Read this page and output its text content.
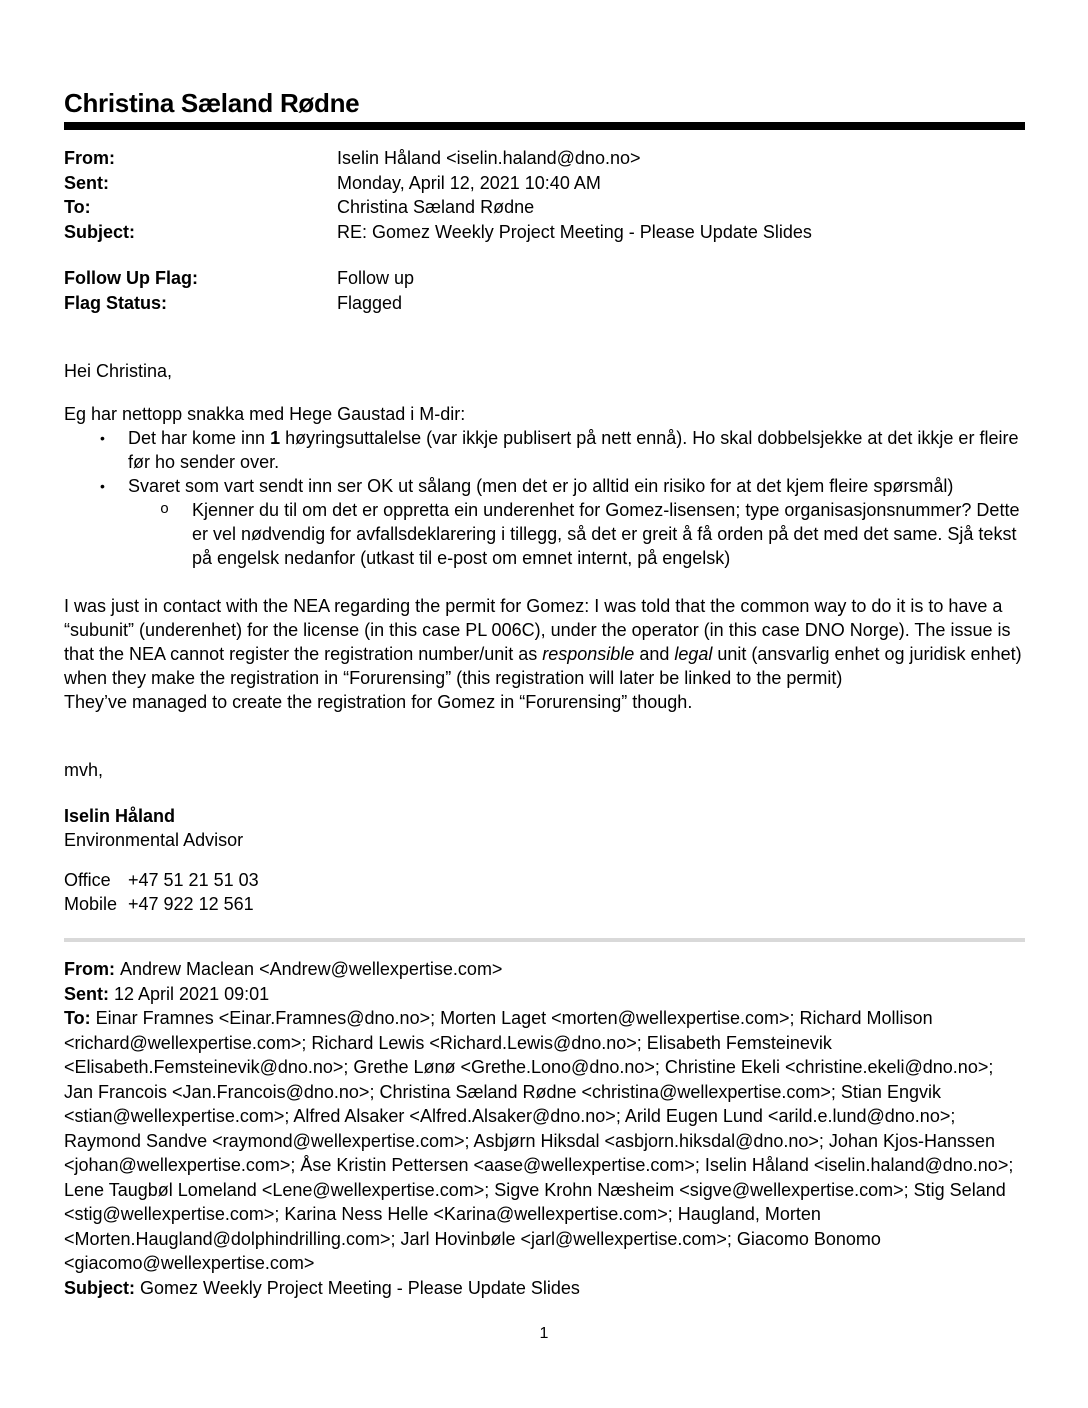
Christina Sæland Rødne
From:	Iselin Håland <iselin.haland@dno.no>
Sent:	Monday, April 12, 2021 10:40 AM
To:	Christina Sæland Rødne
Subject:	RE: Gomez Weekly Project Meeting - Please Update Slides
Follow Up Flag:	Follow up
Flag Status:	Flagged

Hei Christina,

Eg har nettopp snakka med Hege Gaustad i M-dir:

•	Det har kome inn 1 høyringsuttalelse (var ikkje publisert på nett ennå). Ho skal dobbelsjekke at det ikkje er fleire før ho sender over.
•	Svaret som vart sendt inn ser OK ut sålang (men det er jo alltid ein risiko for at det kjem fleire spørsmål)
o	Kjenner du til om det er oppretta ein underenhet for Gomez-lisensen; type organisasjonsnummer? Dette er vel nødvendig for avfallsdeklarering i tillegg, så det er greit å få orden på det med det same. Sjå tekst på engelsk nedanfor (utkast til e-post om emnet internt, på engelsk)

I was just in contact with the NEA regarding the permit for Gomez: I was told that the common way to do it is to have a “subunit” (underenhet) for the license (in this case PL 006C), under the operator (in this case DNO Norge). The issue is that the NEA cannot register the registration number/unit as responsible and legal unit (ansvarlig enhet og juridisk enhet) when they make the registration in “Forurensing” (this registration will later be linked to the permit)

They’ve managed to create the registration for Gomez in “Forurensing” though.

mvh,

Iselin Håland

Environmental Advisor

Office +47 51 21 51 03
Mobile +47 922 12 561

From: Andrew Maclean <Andrew@wellexpertise.com>

Sent: 12 April 2021 09:01

To: Einar Framnes <Einar.Framnes@dno.no>; Morten Laget <morten@wellexpertise.com>; Richard Mollison <richard@wellexpertise.com>; Richard Lewis <Richard.Lewis@dno.no>; Elisabeth Femsteinevik <Elisabeth.Femsteinevik@dno.no>; Grethe Lønø <Grethe.Lono@dno.no>; Christine Ekeli <christine.ekeli@dno.no>; Jan Francois <Jan.Francois@dno.no>; Christina Sæland Rødne <christina@wellexpertise.com>; Stian Engvik <stian@wellexpertise.com>; Alfred Alsaker <Alfred.Alsaker@dno.no>; Arild Eugen Lund <arild.e.lund@dno.no>; Raymond Sandve <raymond@wellexpertise.com>; Asbjørn Hiksdal <asbjorn.hiksdal@dno.no>; Johan Kjos-Hanssen <johan@wellexpertise.com>; Åse Kristin Pettersen <aase@wellexpertise.com>; Iselin Håland <iselin.haland@dno.no>; Lene Taugbøl Lomeland <Lene@wellexpertise.com>; Sigve Krohn Næsheim <sigve@wellexpertise.com>; Stig Seland <stig@wellexpertise.com>; Karina Ness Helle <Karina@wellexpertise.com>; Haugland, Morten <Morten.Haugland@dolphindrilling.com>; Jarl Hovinbøle <jarl@wellexpertise.com>; Giacomo Bonomo <giacomo@wellexpertise.com>

Subject: Gomez Weekly Project Meeting - Please Update Slides

1
